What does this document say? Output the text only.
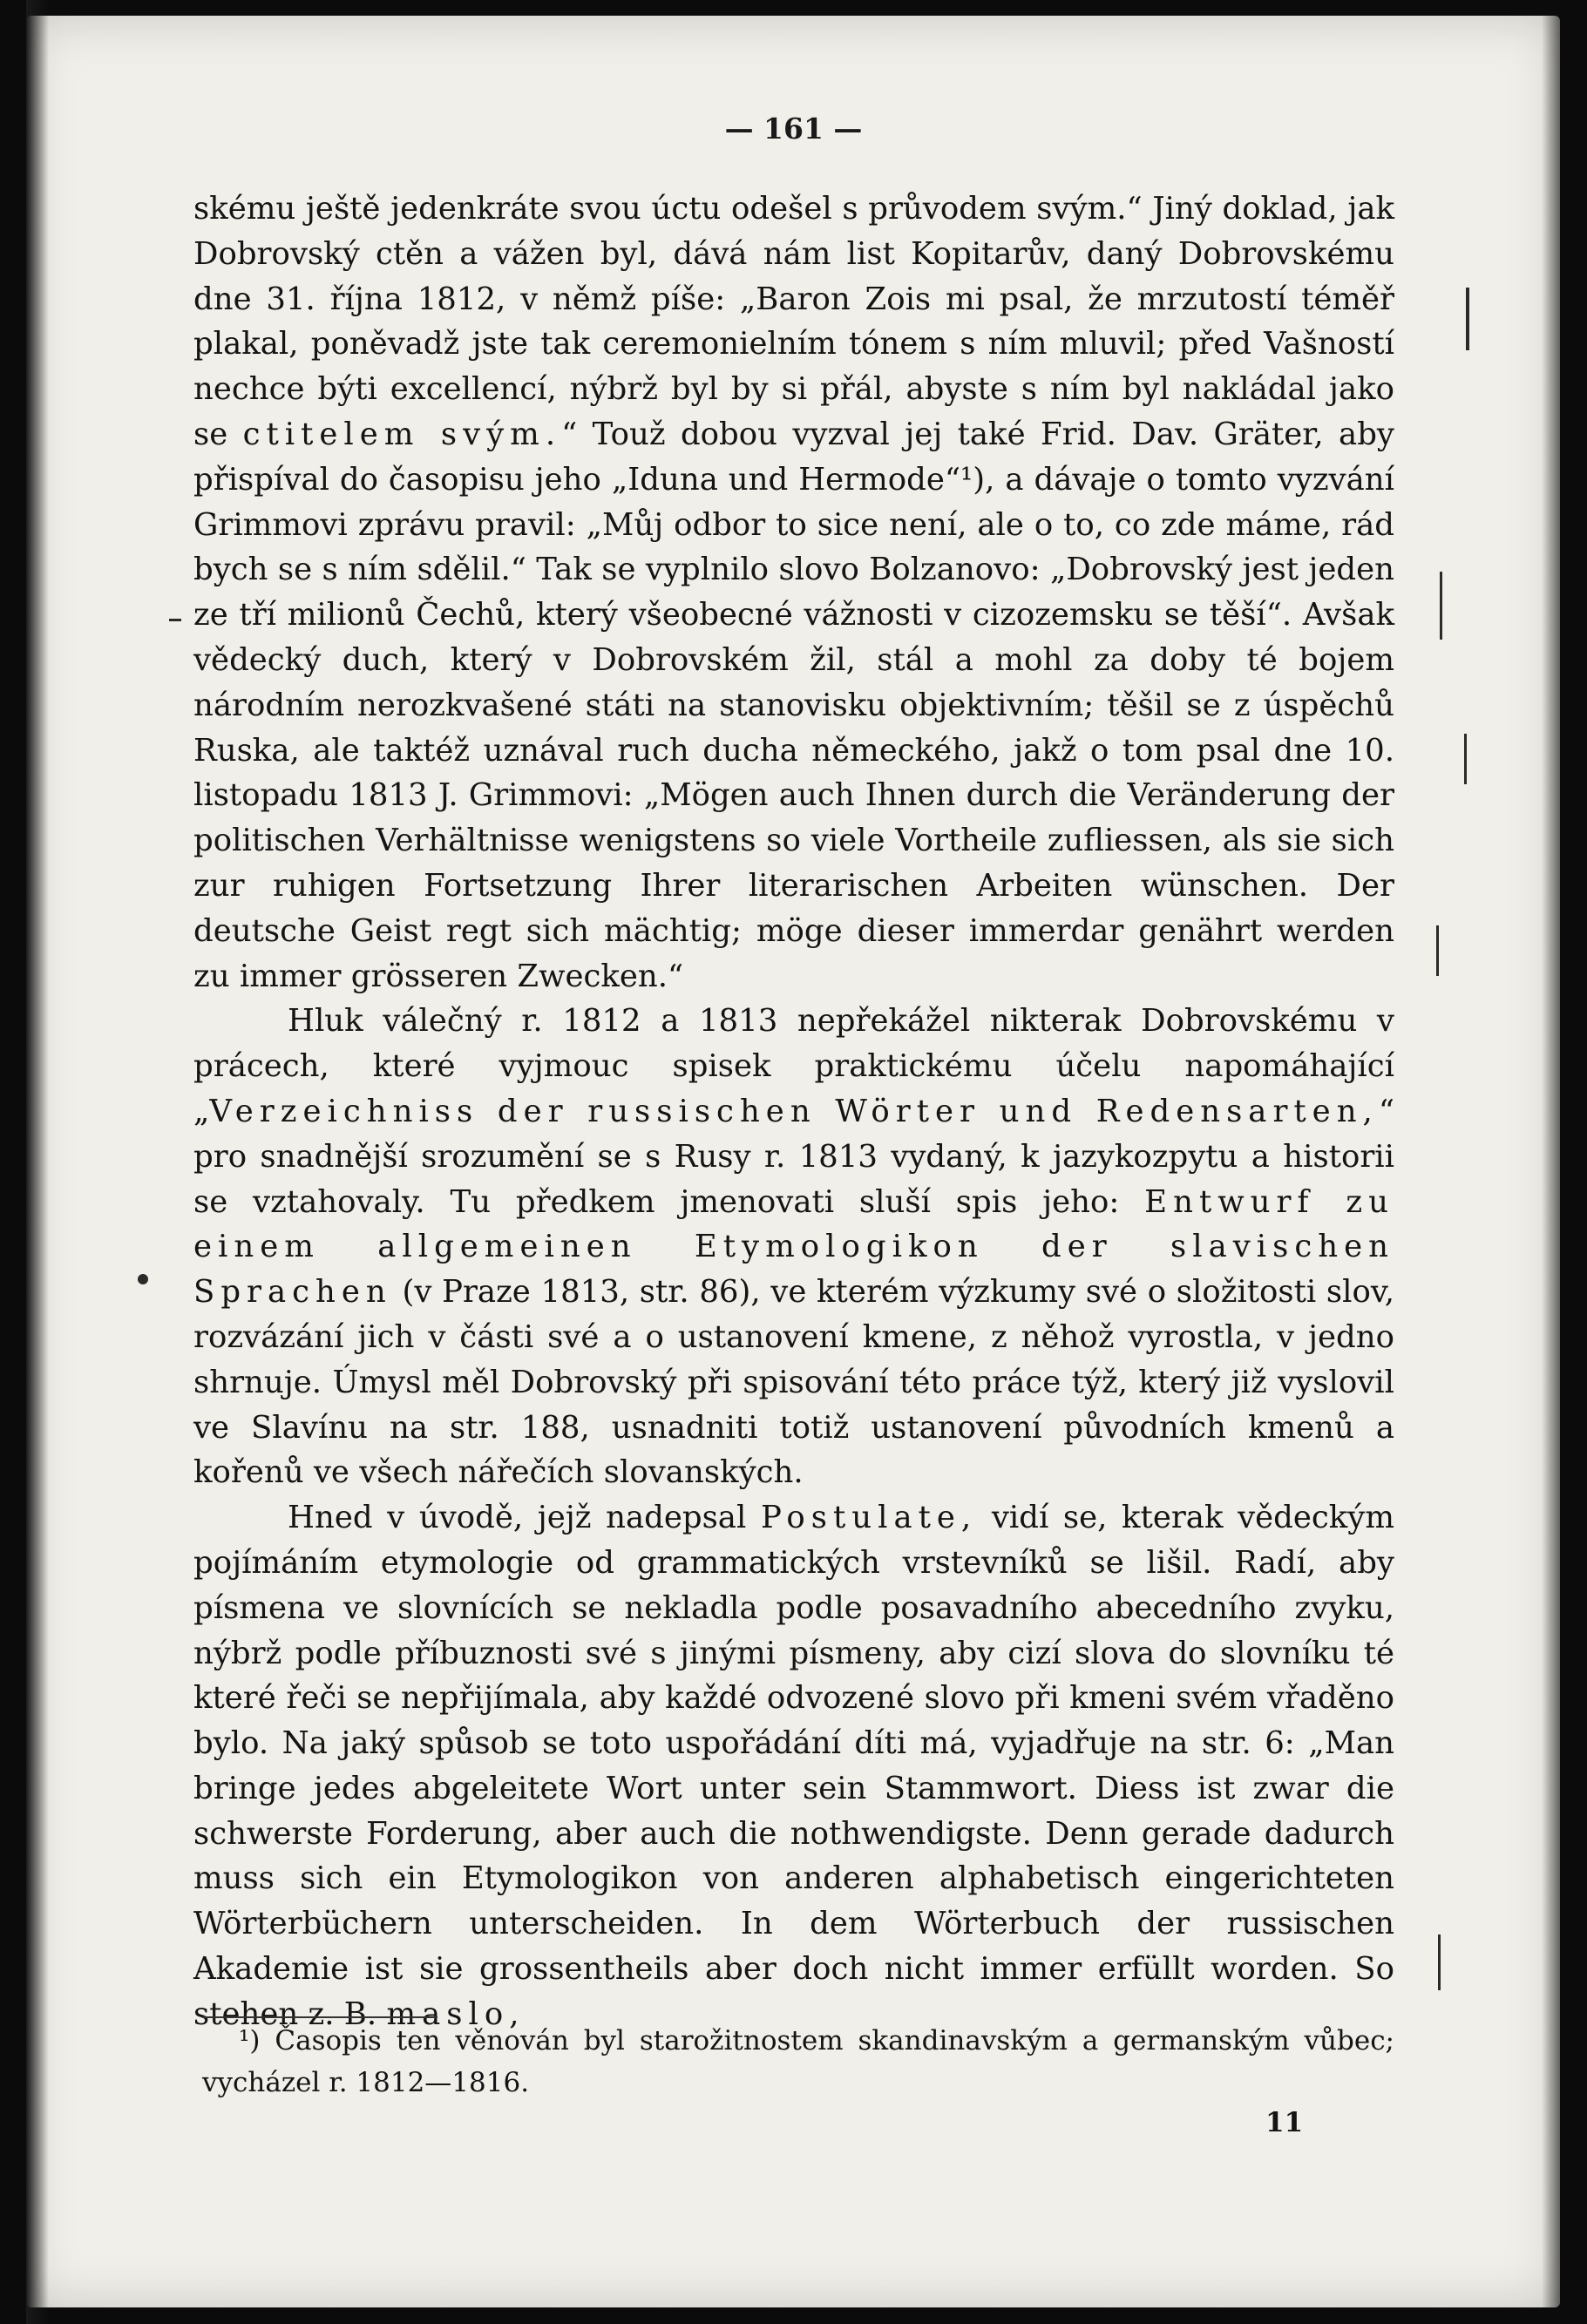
— 161 —

skému ještě jedenkráte svou úctu odešel s průvodem svým.“ Jiný doklad, jak Dobrovský ctěn a vážen byl, dává nám list Kopitarův, daný Dobrovskému dne 31. října 1812, v němž píše: „Baron Zois mi psal, že mrzutostí téměř plakal, poněvadž jste tak ceremonielním tónem s ním mluvil; před Vašností nechce býti excellencí, nýbrž byl by si přál, abyste s ním byl nakládal jako se ctitelem svým.“ Touž dobou vyzval jej také Frid. Dav. Gräter, aby přispíval do časopisu jeho „Iduna und Hermode“¹), a dávaje o tomto vyzvání Grimmovi zprávu pravil: „Můj odbor to sice není, ale o to, co zde máme, rád bych se s ním sdělil.“ Tak se vyplnilo slovo Bolzanovo: „Dobrovský jest jeden ze tří milionů Čechů, který všeobecné vážnosti v cizozemsku se těší“. Avšak vědecký duch, který v Dobrovském žil, stál a mohl za doby té bojem národním nerozkvašené státi na stanovisku objektivním; těšil se z úspěchů Ruska, ale taktéž uznával ruch ducha německého, jakž o tom psal dne 10. listopadu 1813 J. Grimmovi: „Mögen auch Ihnen durch die Veränderung der politischen Verhältnisse wenigstens so viele Vortheile zufliessen, als sie sich zur ruhigen Fortsetzung Ihrer literarischen Arbeiten wünschen. Der deutsche Geist regt sich mächtig; möge dieser immerdar genährt werden zu immer grösseren Zwecken.“

Hluk válečný r. 1812 a 1813 nepřekážel nikterak Dobrovskému v prácech, které vyjmouc spisek praktickému účelu napomáhající „Verzeichniss der russischen Wörter und Redensarten,“ pro snadnější srozumění se s Rusy r. 1813 vydaný, k jazykozpytu a historii se vztahovaly. Tu předkem jmenovati sluší spis jeho: Entwurf zu einem allgemeinen Etymologikon der slavischen Sprachen (v Praze 1813, str. 86), ve kterém výzkumy své o složitosti slov, rozvázání jich v části své a o ustanovení kmene, z něhož vyrostla, v jedno shrnuje. Úmysl měl Dobrovský při spisování této práce týž, který již vyslovil ve Slavínu na str. 188, usnadniti totiž ustanovení původních kmenů a kořenů ve všech nářečích slovanských.

Hned v úvodě, jejž nadepsal Postulate, vidí se, kterak vědeckým pojímáním etymologie od grammatických vrstevníků se lišil. Radí, aby písmena ve slovnících se nekladla podle posavadního abecedního zvyku, nýbrž podle příbuznosti své s jinými písmeny, aby cizí slova do slovníku té které řeči se nepřijímala, aby každé odvozené slovo při kmeni svém vřaděno bylo. Na jaký spůsob se toto uspořádání díti má, vyjadřuje na str. 6: „Man bringe jedes abgeleitete Wort unter sein Stammwort. Diess ist zwar die schwerste Forderung, aber auch die nothwendigste. Denn gerade dadurch muss sich ein Etymologikon von anderen alphabetisch eingerichteten Wörterbüchern unterscheiden. In dem Wörterbuch der russischen Akademie ist sie grossentheils aber doch nicht immer erfüllt worden. So stehen z. B. maslo,

¹) Časopis ten věnován byl starožitnostem skandinavským a germanským vůbec; vycházel r. 1812—1816.

11
